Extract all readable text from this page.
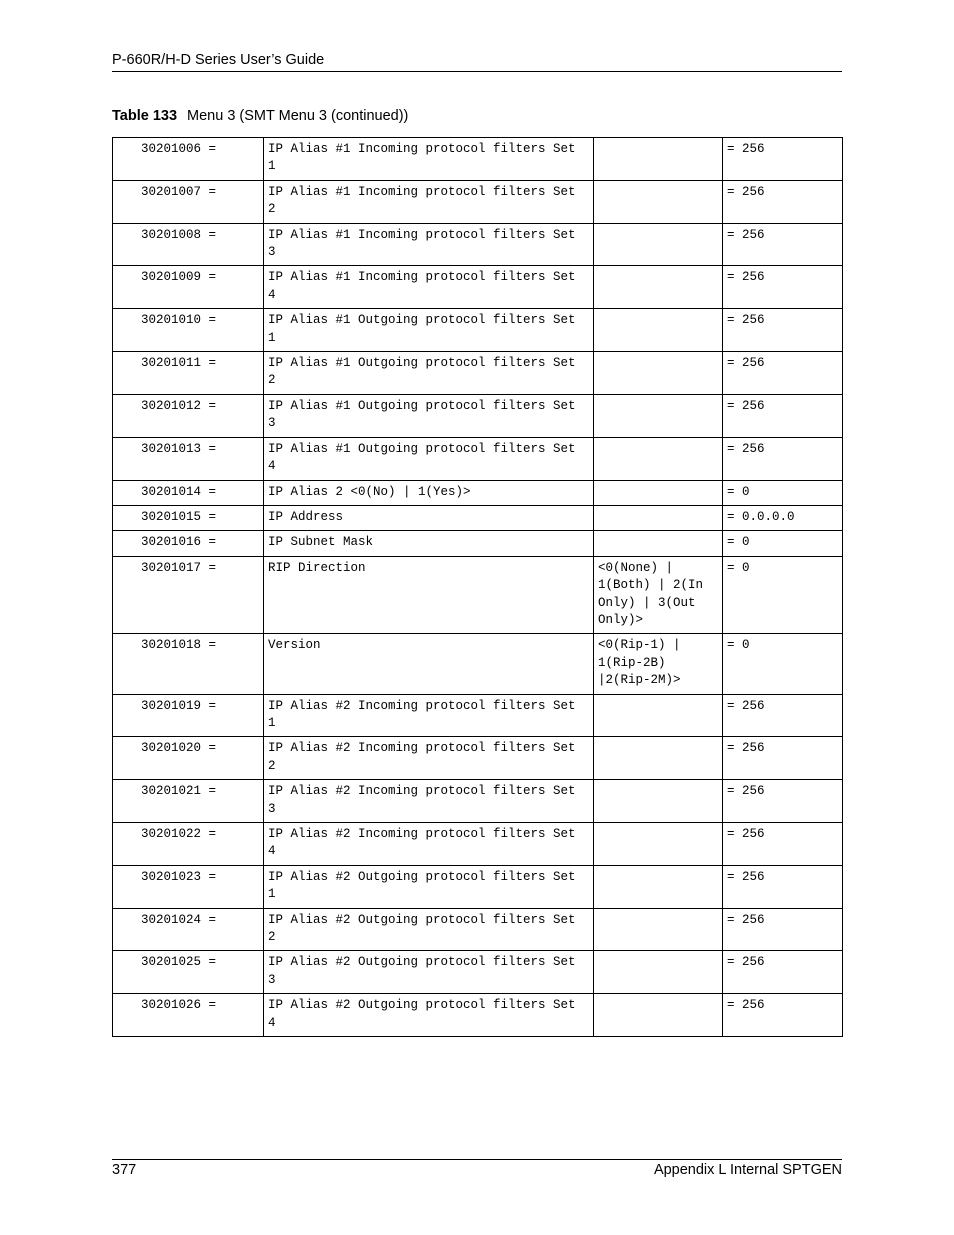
P-660R/H-D Series User’s Guide
Table 133 Menu 3 (SMT Menu 3 (continued))
30201006 =	IP Alias #1 Incoming protocol filters Set 1		= 256
30201007 =	IP Alias #1 Incoming protocol filters Set 2		= 256
30201008 =	IP Alias #1 Incoming protocol filters Set 3		= 256
30201009 =	IP Alias #1 Incoming protocol filters Set 4		= 256
30201010 =	IP Alias #1 Outgoing protocol filters Set 1		= 256
30201011 =	IP Alias #1 Outgoing protocol filters Set 2		= 256
30201012 =	IP Alias #1 Outgoing protocol filters Set 3		= 256
30201013 =	IP Alias #1 Outgoing protocol filters Set 4		= 256
30201014 =	IP Alias 2 <0(No) | 1(Yes)>		= 0
30201015 =	IP Address		= 0.0.0.0
30201016 =	IP Subnet Mask		= 0
30201017 =	RIP Direction	<0(None) | 1(Both) | 2(In Only) | 3(Out Only)>	= 0
30201018 =	Version	<0(Rip-1) | 1(Rip-2B) |2(Rip-2M)>	= 0
30201019 =	IP Alias #2 Incoming protocol filters Set 1		= 256
30201020 =	IP Alias #2 Incoming protocol filters Set 2		= 256
30201021 =	IP Alias #2 Incoming protocol filters Set 3		= 256
30201022 =	IP Alias #2 Incoming protocol filters Set 4		= 256
30201023 =	IP Alias #2 Outgoing protocol filters Set 1		= 256
30201024 =	IP Alias #2 Outgoing protocol filters Set 2		= 256
30201025 =	IP Alias #2 Outgoing protocol filters Set 3		= 256
30201026 =	IP Alias #2 Outgoing protocol filters Set 4		= 256
377	Appendix L Internal SPTGEN
